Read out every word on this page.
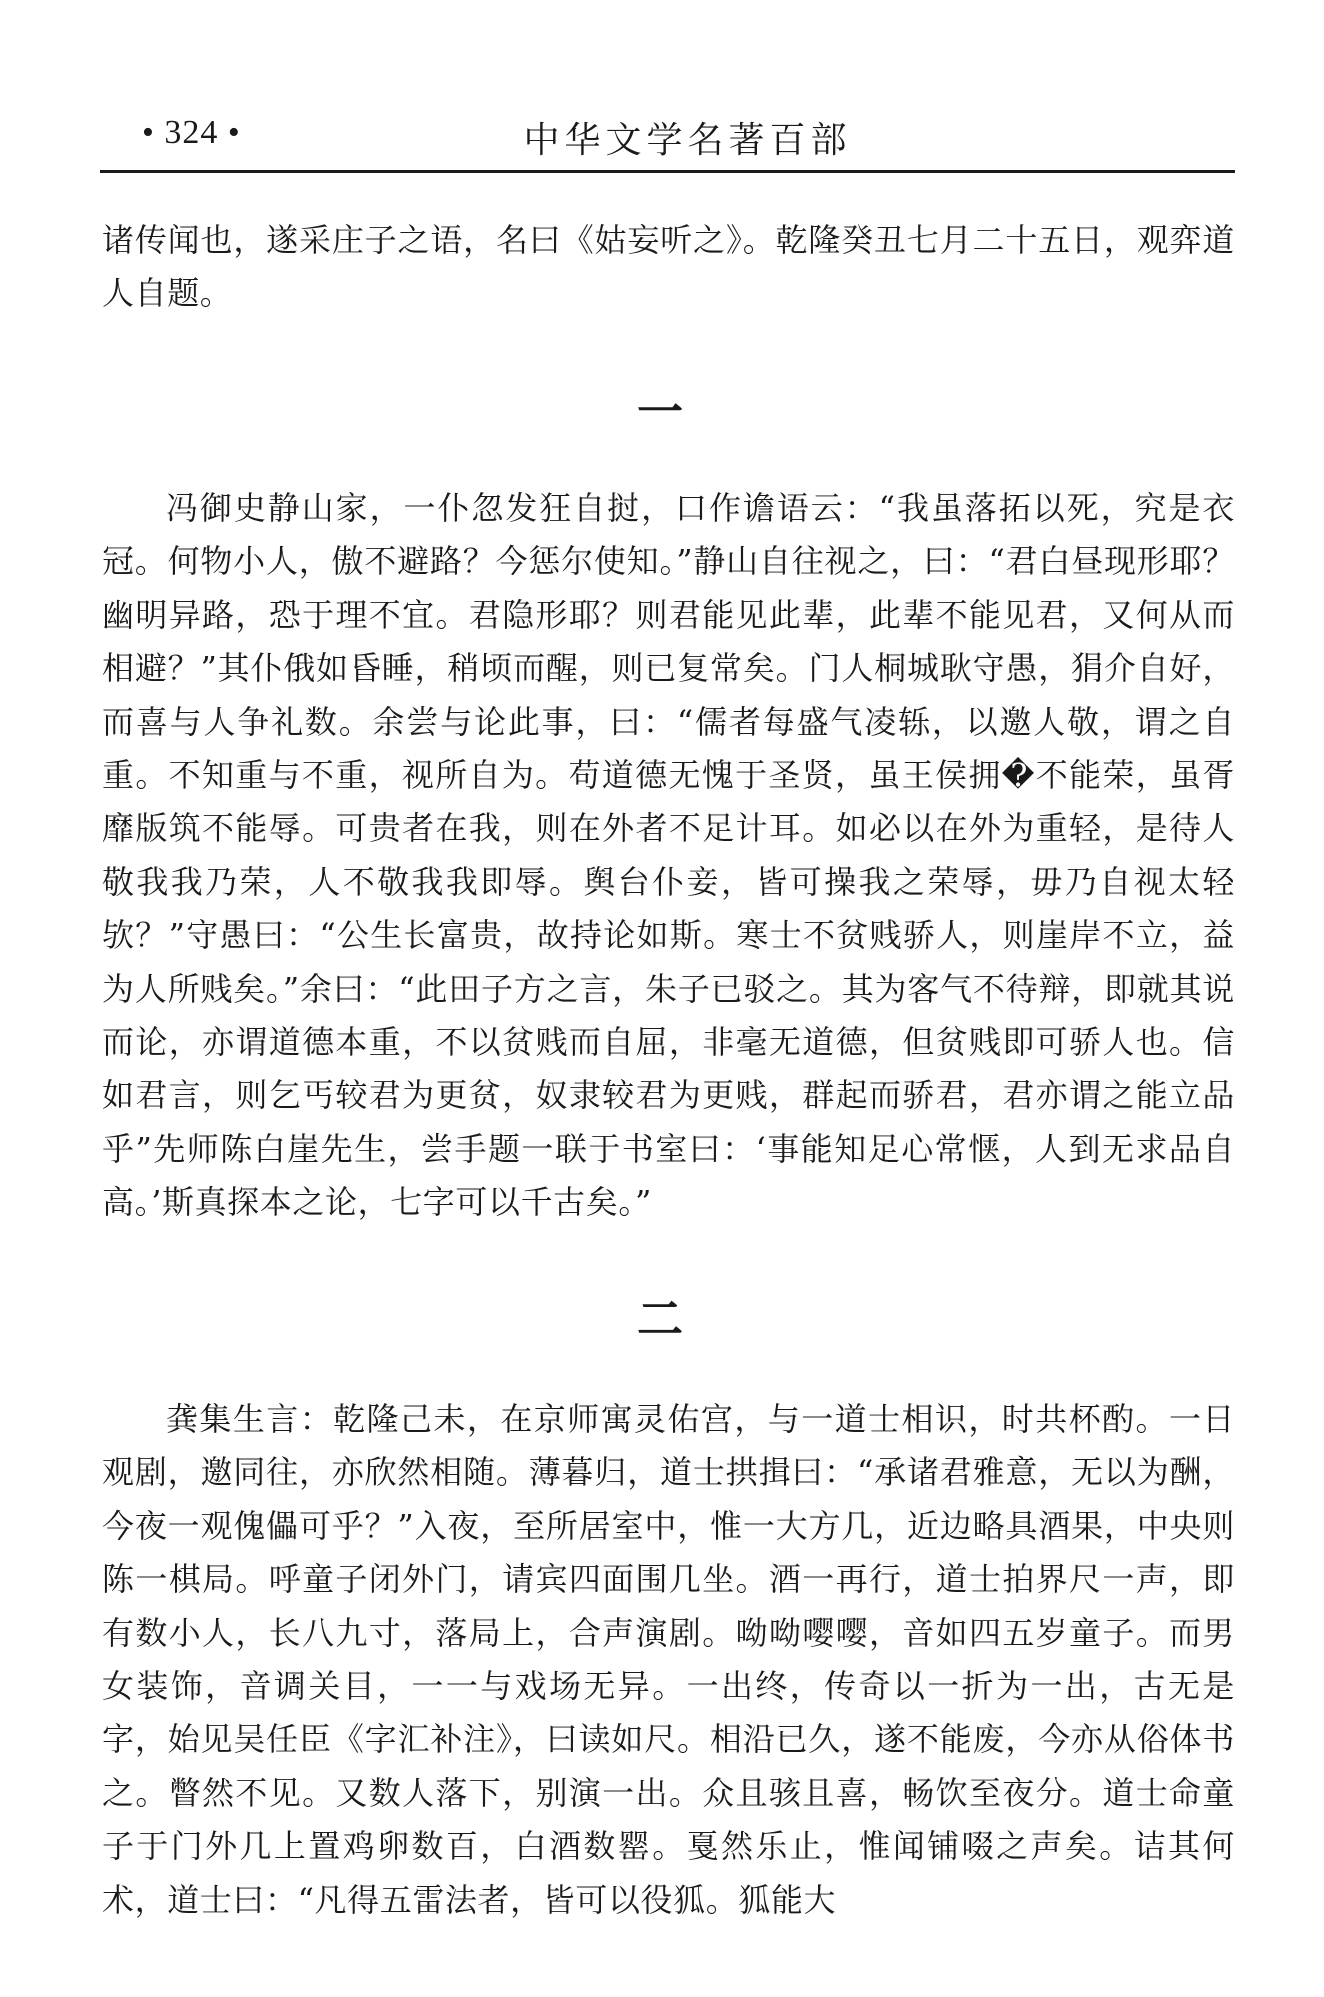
• 324 •	中华文学名著百部

诸传闻也，遂采庄子之语，名曰《姑妄听之》。乾隆癸丑七月二十五日，观弈道人自题。

一

冯御史静山家，一仆忽发狂自挝，口作谵语云：“我虽落拓以死，究是衣冠。何物小人，傲不避路？今惩尔使知。”静山自往视之，曰：“君白昼现形耶？幽明异路，恐于理不宜。君隐形耶？则君能见此辈，此辈不能见君，又何从而相避？”其仆俄如昏睡，稍顷而醒，则已复常矣。门人桐城耿守愚，狷介自好，而喜与人争礼数。余尝与论此事，曰：“儒者每盛气凌轹，以邀人敬，谓之自重。不知重与不重，视所自为。苟道德无愧于圣贤，虽王侯拥�不能荣，虽胥靡版筑不能辱。可贵者在我，则在外者不足计耳。如必以在外为重轻，是待人敬我我乃荣，人不敬我我即辱。舆台仆妾，皆可操我之荣辱，毋乃自视太轻欤？”守愚曰：“公生长富贵，故持论如斯。寒士不贫贱骄人，则崖岸不立，益为人所贱矣。”余曰：“此田子方之言，朱子已驳之。其为客气不待辩，即就其说而论，亦谓道德本重，不以贫贱而自屈，非毫无道德，但贫贱即可骄人也。信如君言，则乞丐较君为更贫，奴隶较君为更贱，群起而骄君，君亦谓之能立品乎”先师陈白崖先生，尝手题一联于书室曰：‘事能知足心常惬，人到无求品自高。’斯真探本之论，七字可以千古矣。”

二

龚集生言：乾隆己未，在京师寓灵佑宫，与一道士相识，时共杯酌。一日观剧，邀同往，亦欣然相随。薄暮归，道士拱揖曰：“承诸君雅意，无以为酬，今夜一观傀儡可乎？”入夜，至所居室中，惟一大方几，近边略具酒果，中央则陈一棋局。呼童子闭外门，请宾四面围几坐。酒一再行，道士拍界尺一声，即有数小人，长八九寸，落局上，合声演剧。呦呦嘤嘤，音如四五岁童子。而男女装饰，音调关目，一一与戏场无异。一出终，传奇以一折为一出，古无是字，始见吴任臣《字汇补注》，曰读如尺。相沿已久，遂不能废，今亦从俗体书之。瞥然不见。又数人落下，别演一出。众且骇且喜，畅饮至夜分。道士命童子于门外几上置鸡卵数百，白酒数罂。戛然乐止，惟闻铺啜之声矣。诘其何术，道士曰：“凡得五雷法者，皆可以役狐。狐能大
